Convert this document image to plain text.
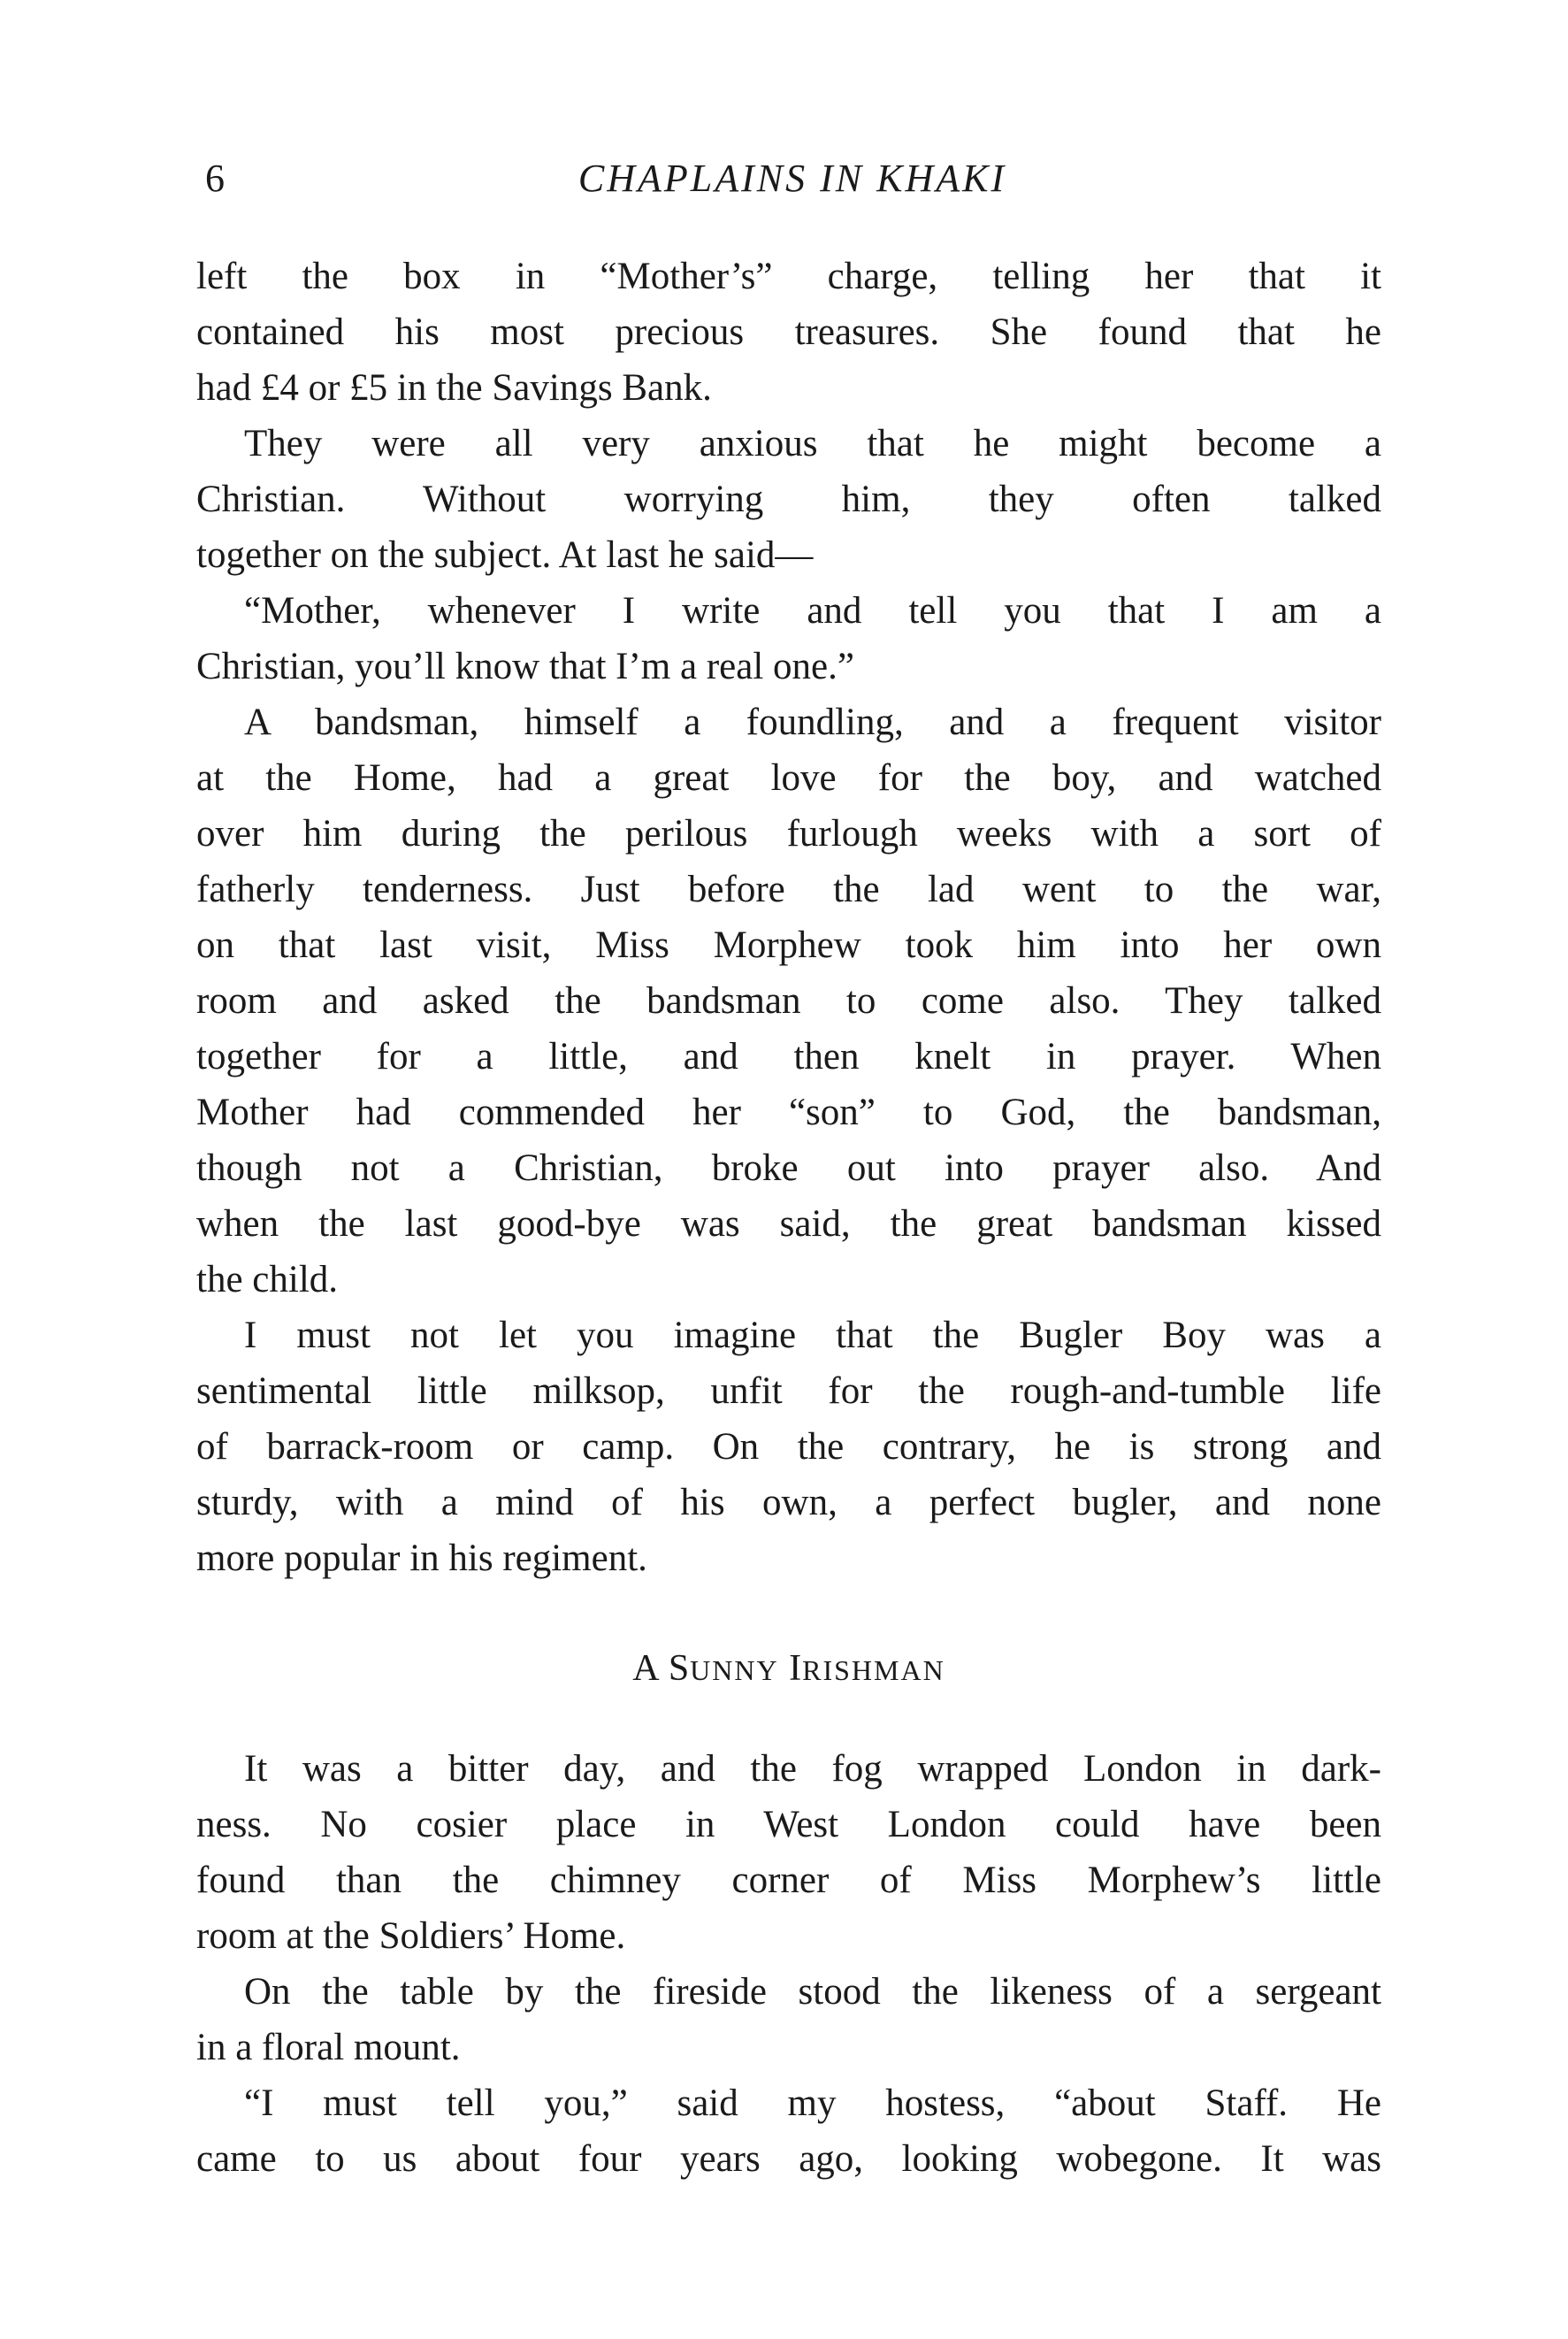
6	CHAPLAINS IN KHAKI
left the box in “Mother’s” charge, telling her that it
contained his most precious treasures. She found that he
had £4 or £5 in the Savings Bank.
They were all very anxious that he might become a
Christian. Without worrying him, they often talked
together on the subject. At last he said—
“Mother, whenever I write and tell you that I am a
Christian, you’ll know that I’m a real one.”
A bandsman, himself a foundling, and a frequent visitor
at the Home, had a great love for the boy, and watched
over him during the perilous furlough weeks with a sort of
fatherly tenderness. Just before the lad went to the war,
on that last visit, Miss Morphew took him into her own
room and asked the bandsman to come also. They talked
together for a little, and then knelt in prayer. When
Mother had commended her “son” to God, the bandsman,
though not a Christian, broke out into prayer also. And
when the last good-bye was said, the great bandsman kissed
the child.
I must not let you imagine that the Bugler Boy was a
sentimental little milksop, unfit for the rough-and-tumble life
of barrack-room or camp. On the contrary, he is strong and
sturdy, with a mind of his own, a perfect bugler, and none
more popular in his regiment.
A SUNNY IRISHMAN
It was a bitter day, and the fog wrapped London in dark-
ness. No cosier place in West London could have been
found than the chimney corner of Miss Morphew’s little
room at the Soldiers’ Home.
On the table by the fireside stood the likeness of a sergeant
in a floral mount.
“I must tell you,” said my hostess, “about Staff. He
came to us about four years ago, looking wobegone. It was
